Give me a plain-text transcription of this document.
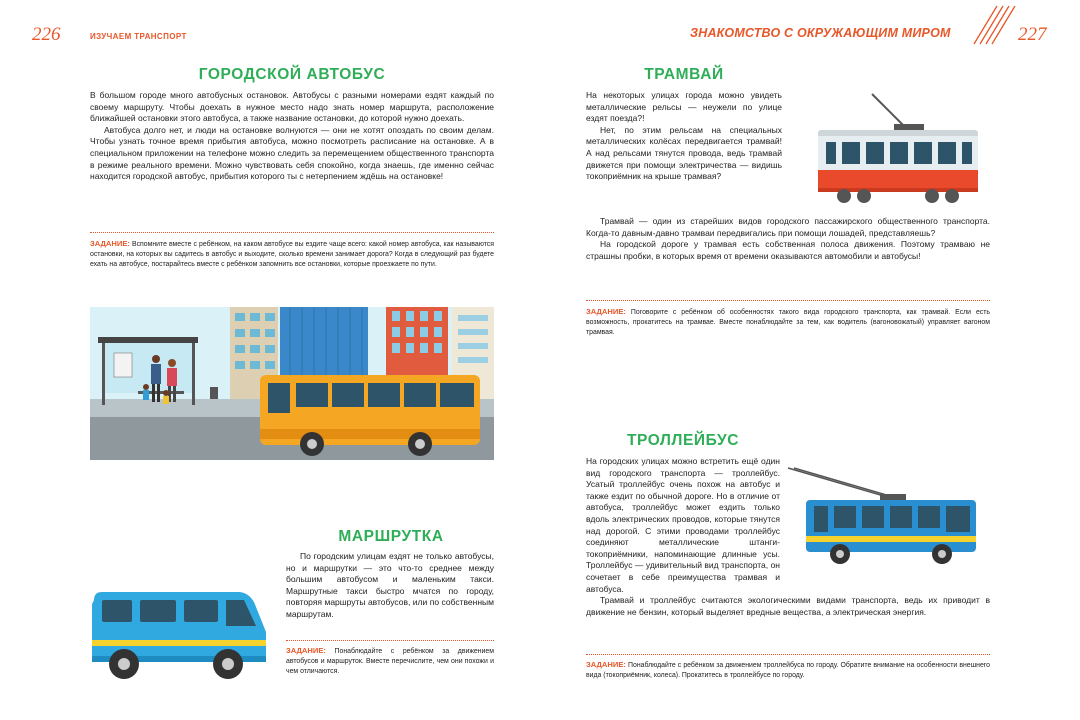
226	ИЗУЧАЕМ ТРАНСПОРТ	ЗНАКОМСТВО С ОКРУЖАЮЩИМ МИРОМ	227
ГОРОДСКОЙ АВТОБУС

В большом городе много автобусных остановок. Автобусы с разными номерами ездят каждый по своему маршруту. Чтобы доехать в нужное место надо знать номер маршрута, расположение ближайшей остановки этого автобуса, а также название остановки, до которой нужно доехать.

Автобуса долго нет, и люди на остановке волнуются — они не хотят опоздать по своим делам. Чтобы узнать точное время прибытия автобуса, можно посмотреть расписание на остановке. А в специальном приложении на телефоне можно следить за перемещением общественного транспорта в режиме реального времени. Можно чувствовать себя спокойно, когда знаешь, где именно сейчас находится городской автобус, прибытия которого ты с нетерпением ждёшь на остановке!

ЗАДАНИЕ: Вспомните вместе с ребёнком, на каком автобусе вы ездите чаще всего: какой номер автобуса, как называются остановки, на которых вы садитесь в автобус и выходите, сколько времени занимает дорога? Когда в следующий раз будете ехать на автобусе, постарайтесь вместе с ребёнком запомнить все остановки, которые проезжаете по пути.
МАРШРУТКА

По городским улицам ездят не только автобусы, но и маршрутки — это что-то среднее между большим автобусом и маленьким такси. Маршрутные такси быстро мчатся по городу, повторяя маршруты автобусов, или по собственным маршрутам.

ЗАДАНИЕ: Понаблюдайте с ребёнком за движением автобусов и маршруток. Вместе перечислите, чем они похожи и чем отличаются.
ТРАМВАЙ

На некоторых улицах города можно увидеть металлические рельсы — неужели по улице ездят поезда?!

Нет, по этим рельсам на специальных металлических колёсах передвигается трамвай! А над рельсами тянутся провода, ведь трамвай движется при помощи электричества — видишь токоприёмник на крыше трамвая?

Трамвай — один из старейших видов городского пассажирского общественного транспорта. Когда-то давным-давно трамваи передвигались при помощи лошадей, представляешь?

На городской дороге у трамвая есть собственная полоса движения. Поэтому трамваю не страшны пробки, в которых время от времени оказываются автомобили и автобусы!

ЗАДАНИЕ: Поговорите с ребёнком об особенностях такого вида городского транспорта, как трамвай. Если есть возможность, прокатитесь на трамвае. Вместе понаблюдайте за тем, как водитель (вагоновожатый) управляет вагоном трамвая.
ТРОЛЛЕЙБУС

На городских улицах можно встретить ещё один вид городского транспорта — троллейбус. Усатый троллейбус очень похож на автобус и также ездит по обычной дороге. Но в отличие от автобуса, троллейбус может ездить только вдоль электрических проводов, которые тянутся над дорогой. С этими проводами троллейбус соединяют металлические штанги-токоприёмники, напоминающие длинные усы. Троллейбус — удивительный вид транспорта, он сочетает в себе преимущества трамвая и автобуса.

Трамвай и троллейбус считаются экологическими видами транспорта, ведь их приводит в движение не бензин, который выделяет вредные вещества, а электрическая энергия.

ЗАДАНИЕ: Понаблюдайте с ребёнком за движением троллейбуса по городу. Обратите внимание на особенности внешнего вида (токоприёмник, колеса). Прокатитесь в троллейбусе по городу.
